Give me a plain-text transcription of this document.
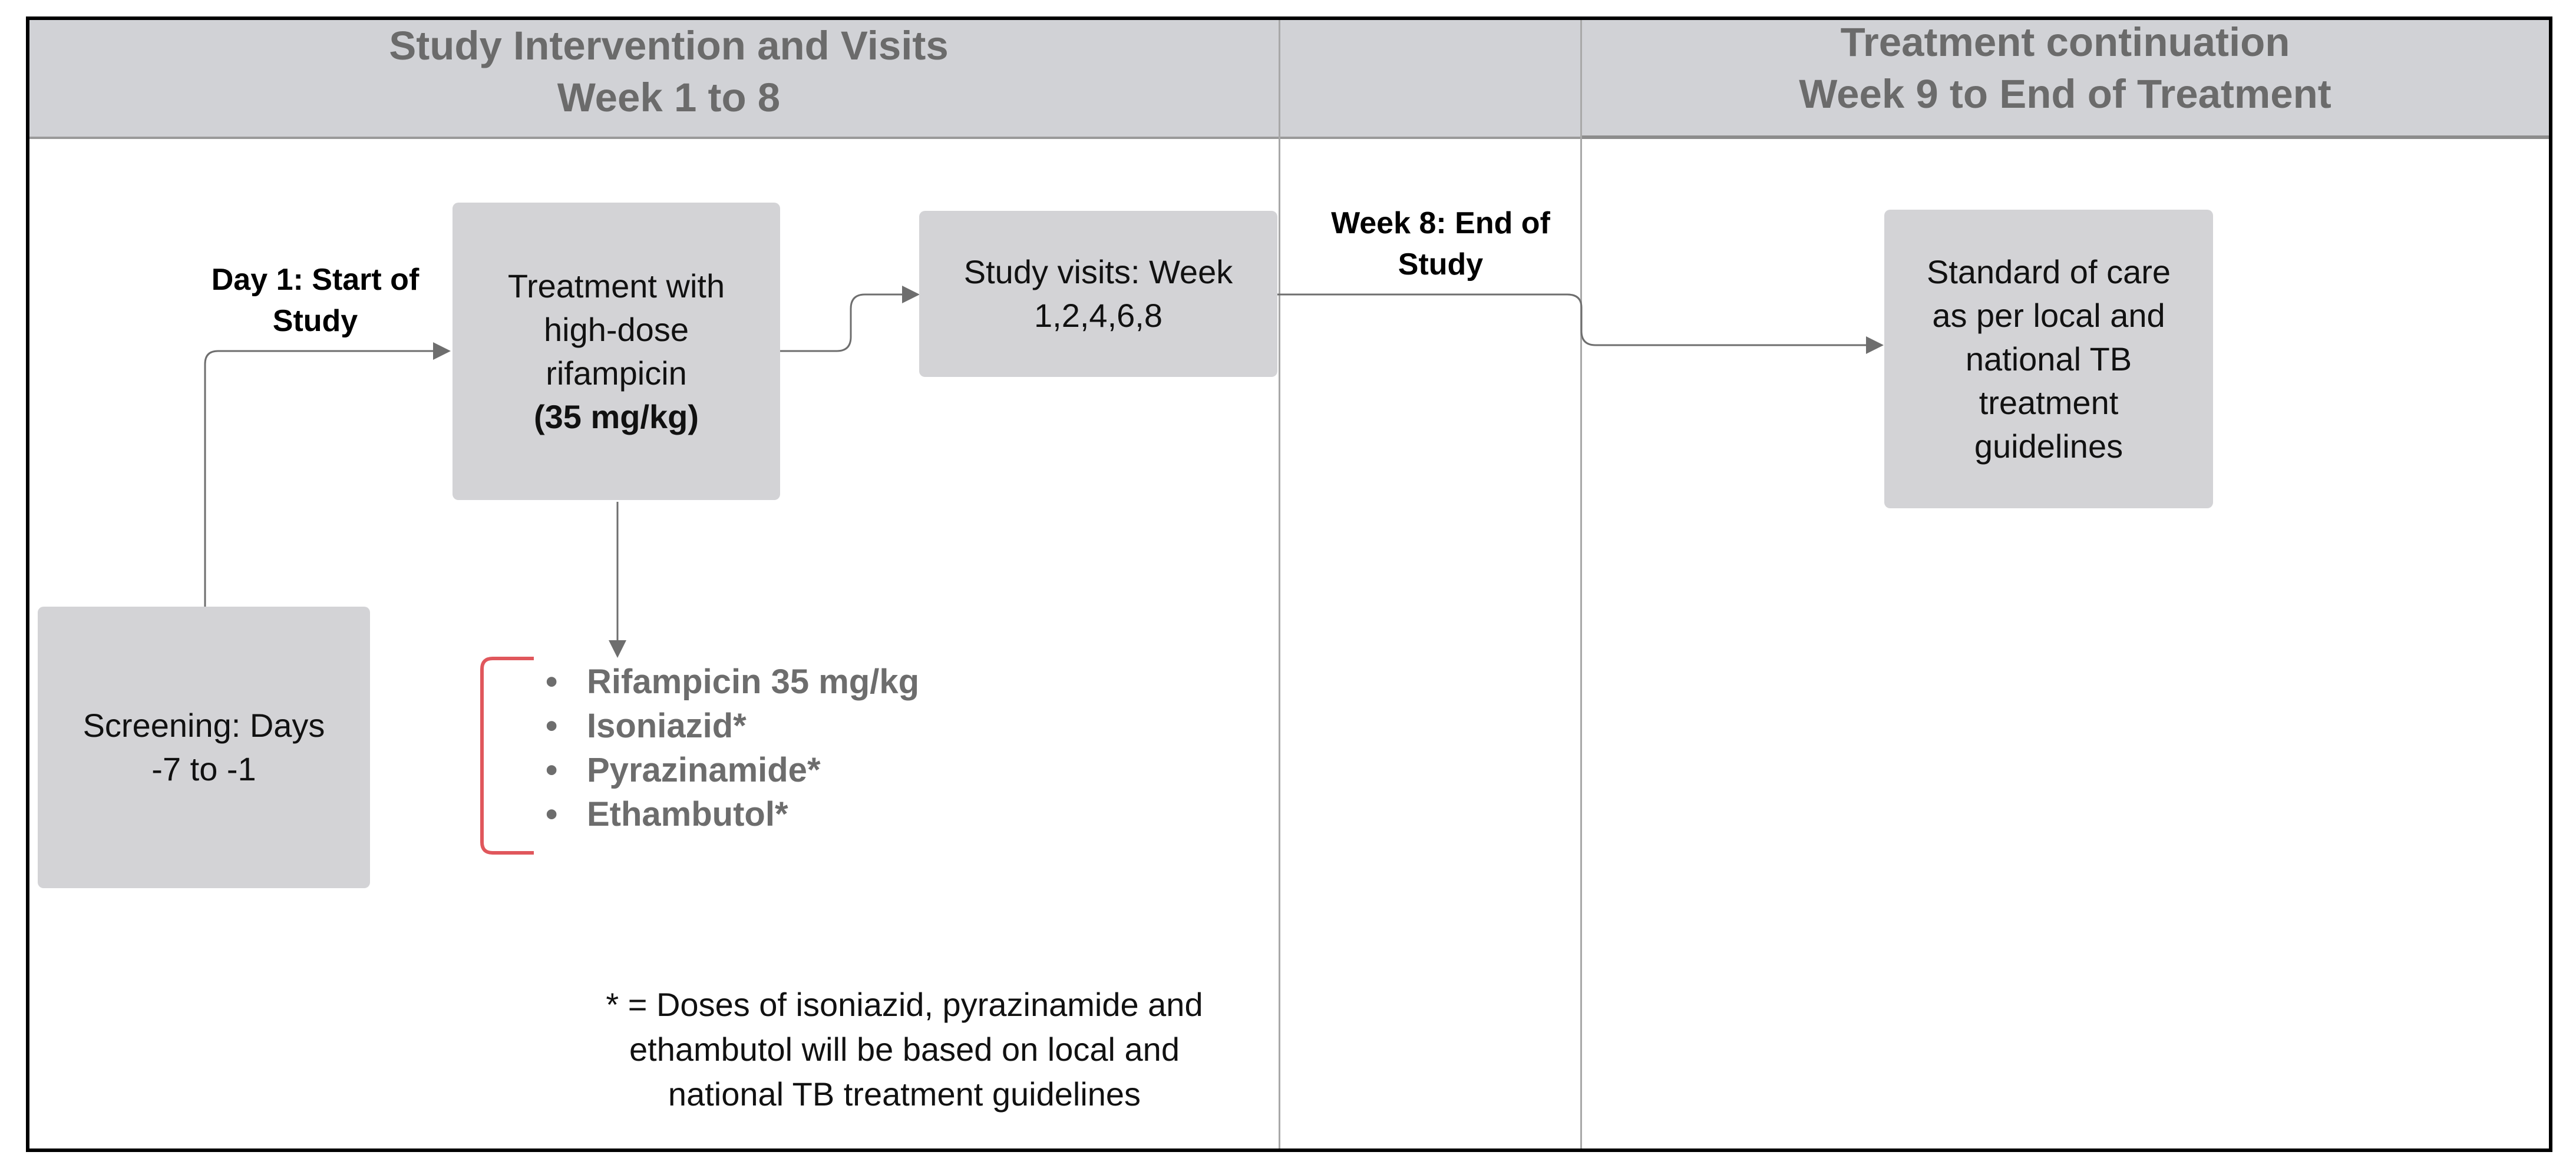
Study Intervention and Visits
Week 1 to 8
Treatment continuation
Week 9 to End of Treatment
Day 1: Start of
Study
Week 8: End of
Study
Treatment with
high-dose
rifampicin
(35 mg/kg)
Study visits: Week
1,2,4,6,8
Standard of care
as per local and
national TB
treatment
guidelines
Screening: Days
-7 to -1
• Rifampicin 35 mg/kg
• Isoniazid*
• Pyrazinamide*
• Ethambutol*
* = Doses of isoniazid, pyrazinamide and
ethambutol will be based on local and
national TB treatment guidelines
